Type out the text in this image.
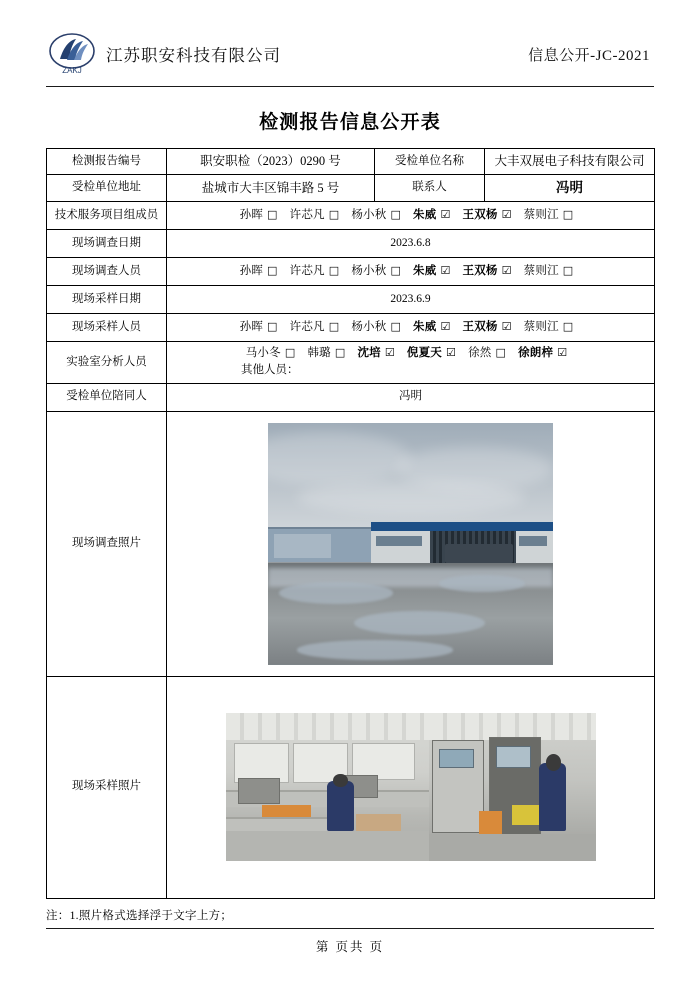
ZAKJ
江苏职安科技有限公司	信息公开-JC-2021
检测报告信息公开表
检测报告编号	职安职检（2023）0290 号	受检单位名称	大丰双展电子科技有限公司
受检单位地址	盐城市大丰区锦丰路 5 号	联系人	冯明
技术服务项目组成员	孙晖 □ 许芯凡 □ 杨小秋 □ 朱威 ☑ 王双杨 ☑ 蔡则江 □		
现场调查日期	2023.6.8		
现场调查人员	孙晖 □ 许芯凡 □ 杨小秋 □ 朱威 ☑ 王双杨 ☑ 蔡则江 □		
现场采样日期	2023.6.9		
现场采样人员	孙晖 □ 许芯凡 □ 杨小秋 □ 朱威 ☑ 王双杨 ☑ 蔡则江 □		
实验室分析人员	马小冬 □ 韩璐 □ 沈培 ☑ 倪夏天 ☑ 徐然 □ 徐朗梓 ☑
其他人员：		

受检单位陪同人	冯明		
现场调查照片			

现场采样照片			
注：1.照片格式选择浮于文字上方；
第 页共 页
